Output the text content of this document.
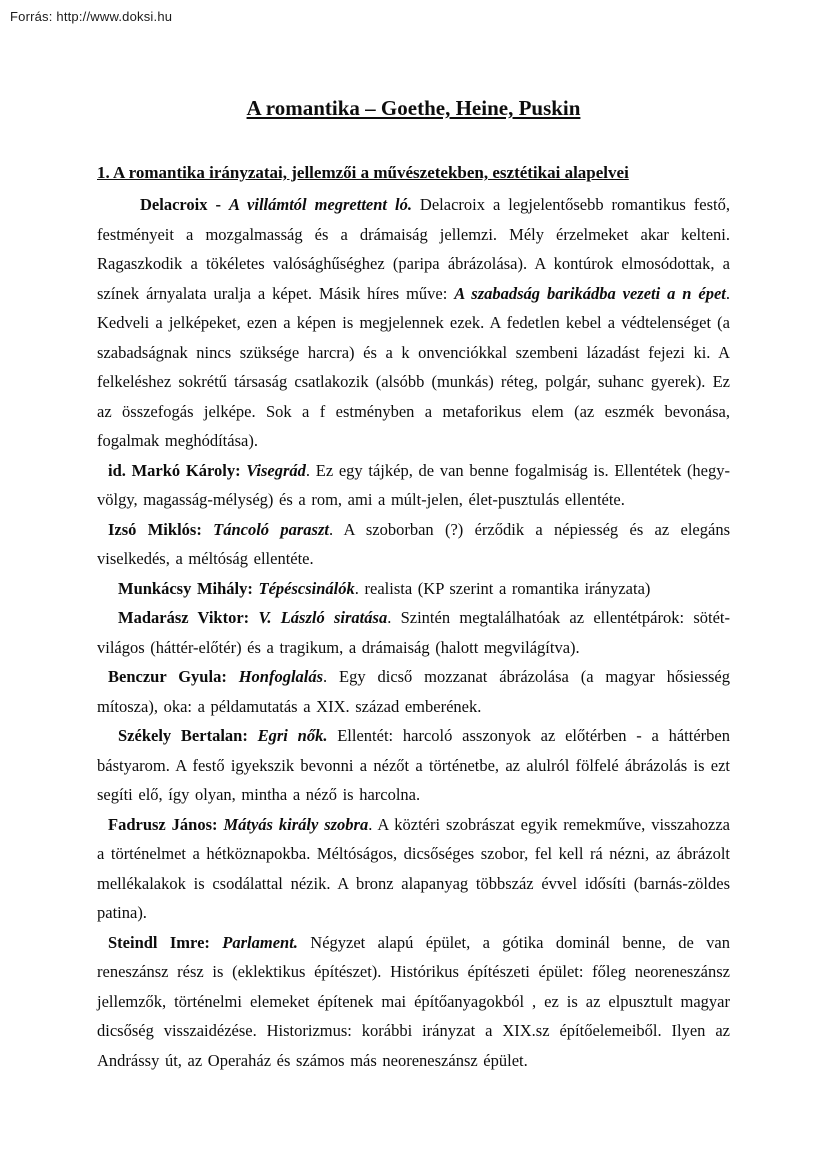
Forrás: http://www.doksi.hu
A romantika – Goethe, Heine, Puskin
1. A romantika irányzatai, jellemzői a művészetekben, esztétikai alapelvei

Delacroix - A villámtól megrettent ló. Delacroix a legjelentősebb romantikus festő, festményeit a mozgalmasság és a drámaiság jellemzi. Mély érzelmeket akar kelteni. Ragaszkodik a tökéletes valósághűséghez (paripa ábrázolása). A kontúrok elmosódottak, a színek árnyalata uralja a képet. Másik híres műve: A szabadság barikádba vezeti a n épet. Kedveli a jelképeket, ezen a képen is megjelennek ezek. A fedetlen kebel a védtelenséget (a szabadságnak nincs szüksége harcra) és a k onvenciókkal szembeni lázadást fejezi ki. A felkeléshez sokrétű társaság csatlakozik (alsóbb (munkás) réteg, polgár, suhanc gyerek). Ez az összefogás jelképe. Sok a f estményben a metaforikus elem (az eszmék bevonása, fogalmak meghódítása).

id. Markó Károly: Visegrád. Ez egy tájkép, de van benne fogalmiság is. Ellentétek (hegy-völgy, magasság-mélység) és a rom, ami a múlt-jelen, élet-pusztulás ellentéte.

Izsó Miklós: Táncoló paraszt. A szoborban (?) érződik a népiesség és az elegáns viselkedés, a méltóság ellentéte.

Munkácsy Mihály: Tépéscsinálók. realista (KP szerint a romantika irányzata)

Madarász Viktor: V. László siratása. Szintén megtalálhatóak az ellentétpárok: sötét-világos (háttér-előtér) és a tragikum, a drámaiság (halott megvilágítva).

Benczur Gyula: Honfoglalás. Egy dicső mozzanat ábrázolása (a magyar hősiesség mítosza), oka: a példamutatás a XIX. század emberének.

Székely Bertalan: Egri nők. Ellentét: harcoló asszonyok az előtérben - a háttérben bástyarom. A festő igyekszik bevonni a nézőt a történetbe, az alulról fölfelé ábrázolás is ezt segíti elő, így olyan, mintha a néző is harcolna.

Fadrusz János: Mátyás király szobra. A köztéri szobrászat egyik remekműve, visszahozza a történelmet a hétköznapokba. Méltóságos, dicsőséges szobor, fel kell rá nézni, az ábrázolt mellékalakok is csodálattal nézik. A bronz alapanyag többszáz évvel idősíti (barnás-zöldes patina).

Steindl Imre: Parlament. Négyzet alapú épület, a gótika dominál benne, de van reneszánsz rész is (eklektikus építészet). Histórikus építészeti épület: főleg neoreneszánsz jellemzők, történelmi elemeket építenek mai építőanyagokból , ez is az elpusztult magyar dicsőség visszaidézése. Historizmus: korábbi irányzat a XIX.sz építőelemeiből. Ilyen az Andrássy út, az Operaház és számos más neoreneszánsz épület.
